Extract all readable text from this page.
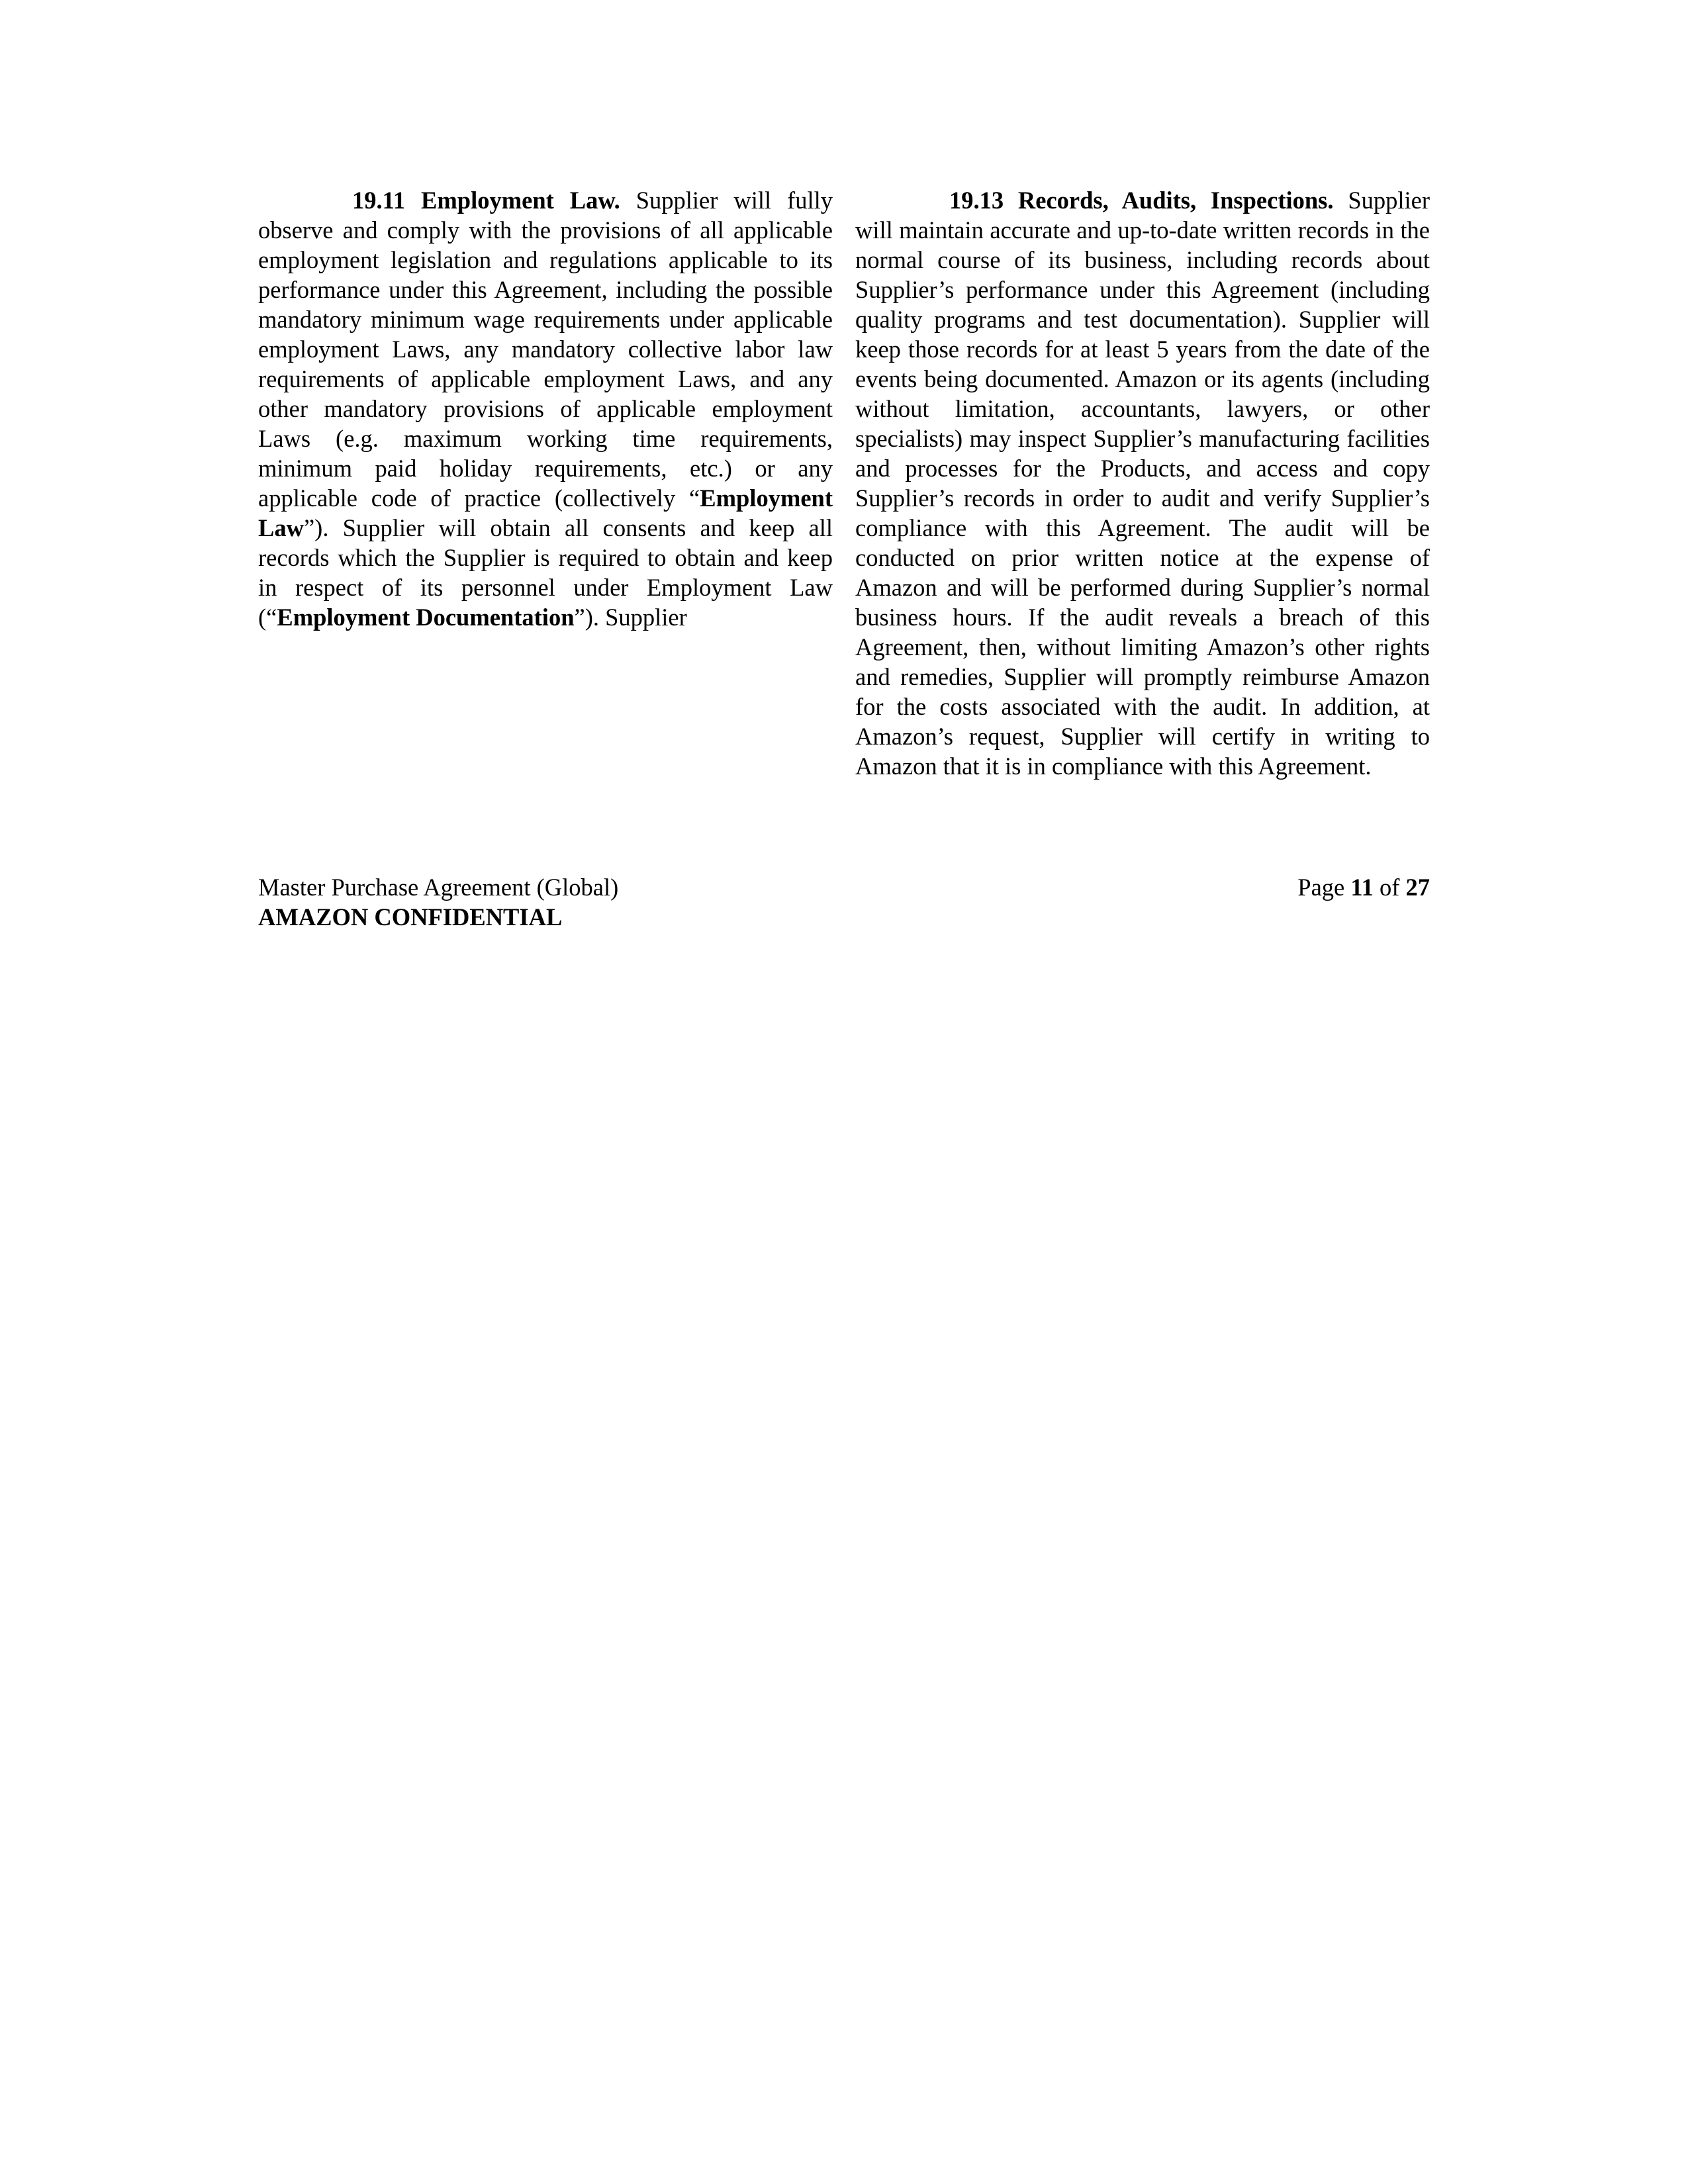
19.11 Employment Law. Supplier will fully observe and comply with the provisions of all applicable employment legislation and regulations applicable to its performance under this Agreement, including the possible mandatory minimum wage requirements under applicable employment Laws, any mandatory collective labor law requirements of applicable employment Laws, and any other mandatory provisions of applicable employment Laws (e.g. maximum working time requirements, minimum paid holiday requirements, etc.) or any applicable code of practice (collectively “Employment Law”). Supplier will obtain all consents and keep all records which the Supplier is required to obtain and keep in respect of its personnel under Employment Law (“Employment Documentation”). Supplier

19.13 Records, Audits, Inspections. Supplier will maintain accurate and up-to-date written records in the normal course of its business, including records about Supplier’s performance under this Agreement (including quality programs and test documentation). Supplier will keep those records for at least 5 years from the date of the events being documented. Amazon or its agents (including without limitation, accountants, lawyers, or other specialists) may inspect Supplier’s manufacturing facilities and processes for the Products, and access and copy Supplier’s records in order to audit and verify Supplier’s compliance with this Agreement. The audit will be conducted on prior written notice at the expense of Amazon and will be performed during Supplier’s normal business hours. If the audit reveals a breach of this Agreement, then, without limiting Amazon’s other rights and remedies, Supplier will promptly reimburse Amazon for the costs associated with the audit. In addition, at Amazon’s request, Supplier will certify in writing to Amazon that it is in compliance with this Agreement.

Master Purchase Agreement (Global)	Page 11 of 27
AMAZON CONFIDENTIAL
